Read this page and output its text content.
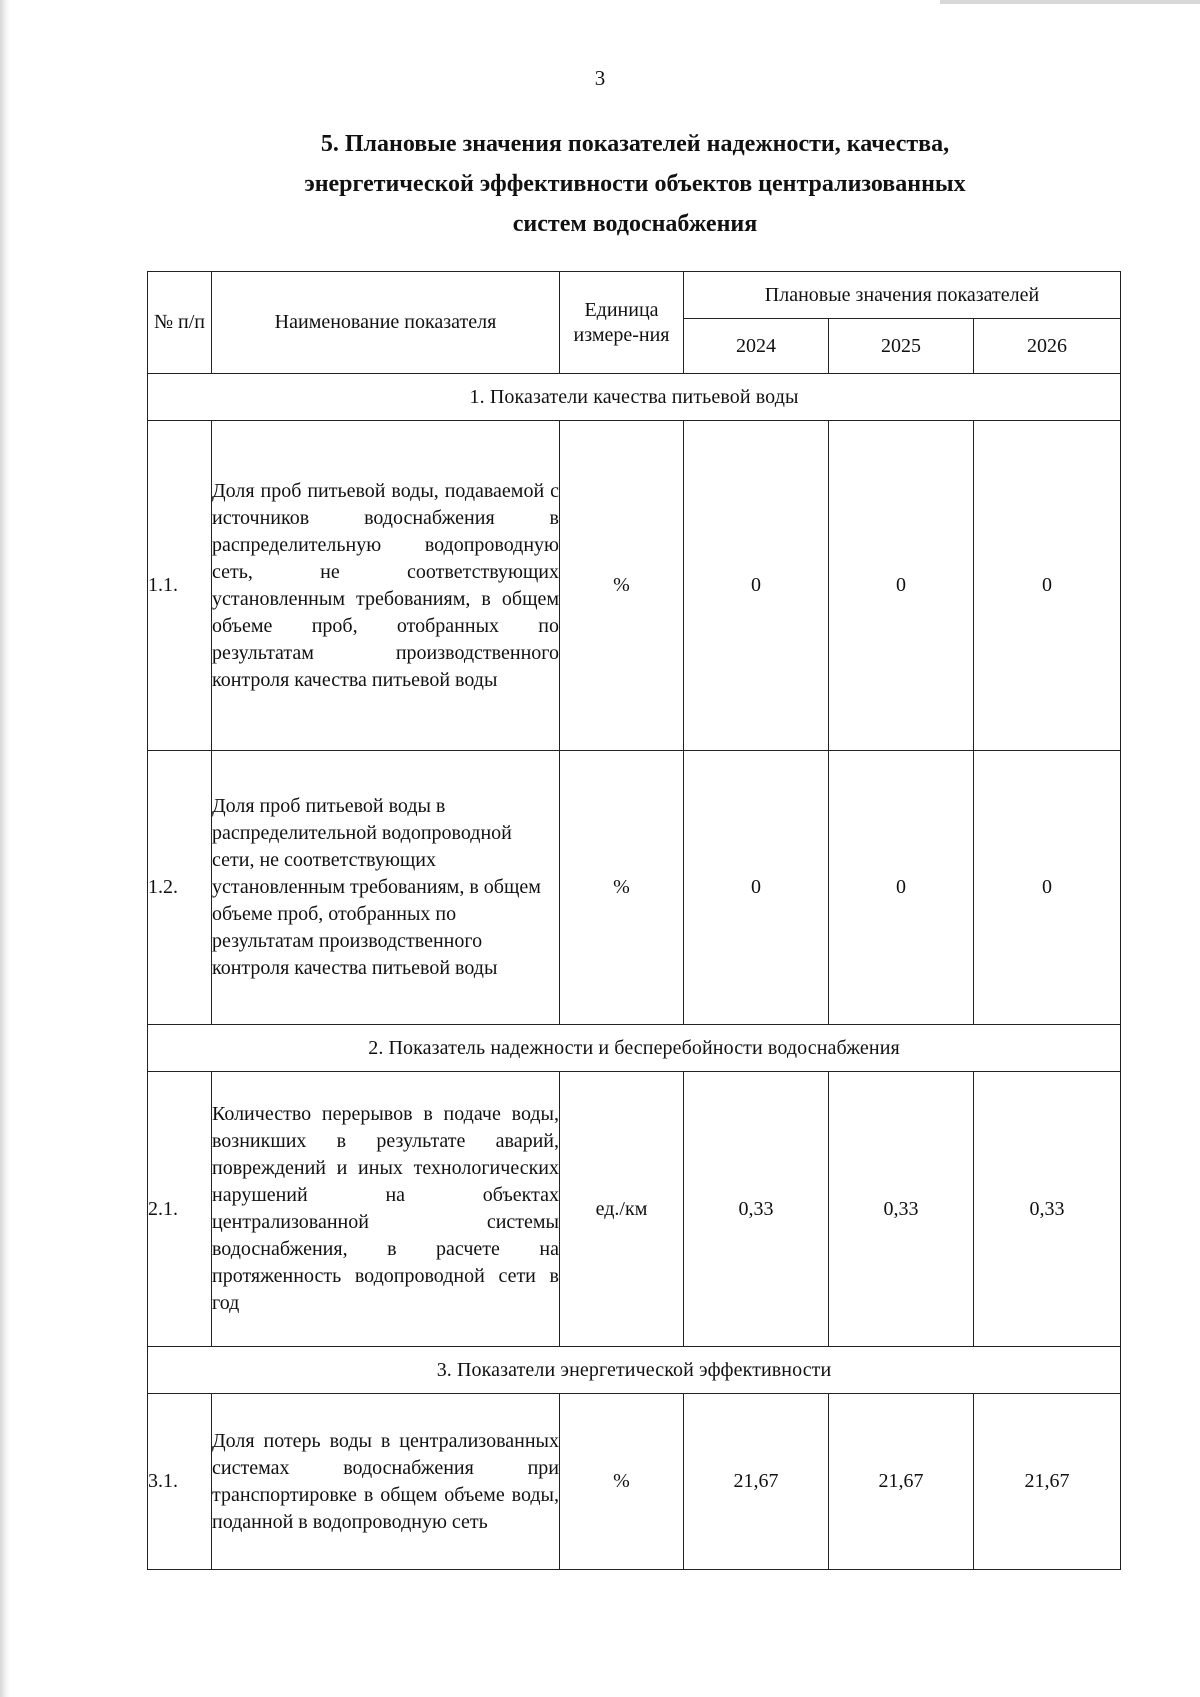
3
5. Плановые значения показателей надежности, качества,
энергетической эффективности объектов централизованных
систем водоснабжения
№ п/п	Наименование показателя	Единица измере-ния	Плановые значения показателей		
			2024	2025	2026
1. Показатели качества питьевой воды					
1.1.	Доля проб питьевой воды, подаваемой с источников водоснабжения в распределительную водопроводную сеть, не соответствующих установленным требованиям, в общем объеме проб, отобранных по результатам производственного контроля качества питьевой воды	%	0	0	0
1.2.	Доля проб питьевой воды в распределительной водопроводной сети, не соответствующих установленным требованиям, в общем объеме проб, отобранных по результатам производственного контроля качества питьевой воды	%	0	0	0
2. Показатель надежности и бесперебойности водоснабжения					
2.1.	Количество перерывов в подаче воды, возникших в результате аварий, повреждений и иных технологических нарушений на объектах централизованной системы водоснабжения, в расчете на протяженность водопроводной сети в год	ед./км	0,33	0,33	0,33
3. Показатели энергетической эффективности					
3.1.	Доля потерь воды в централизованных системах водоснабжения при транспортировке в общем объеме воды, поданной в водопроводную сеть	%	21,67	21,67	21,67
